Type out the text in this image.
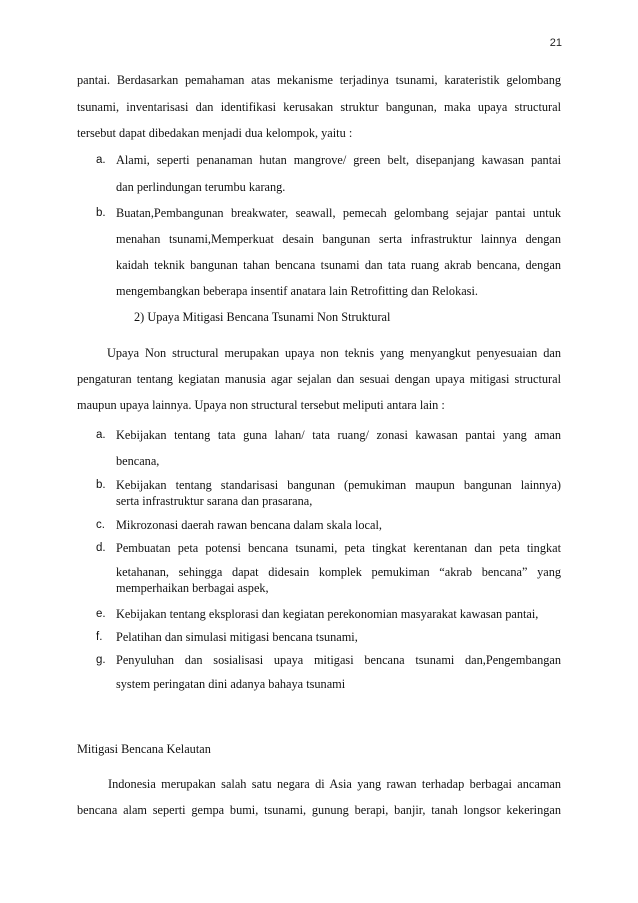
21
pantai. Berdasarkan pemahaman atas mekanisme terjadinya tsunami, karateristik gelombang
tsunami, inventarisasi dan identifikasi kerusakan struktur bangunan, maka upaya structural
tersebut dapat dibedakan menjadi dua kelompok, yaitu :
a. Alami, seperti penanaman hutan mangrove/ green belt, disepanjang kawasan pantai
dan perlindungan terumbu karang.
b. Buatan,Pembangunan breakwater, seawall, pemecah gelombang sejajar pantai untuk
menahan tsunami,Memperkuat desain bangunan serta infrastruktur lainnya dengan
kaidah teknik bangunan tahan bencana tsunami dan tata ruang akrab bencana, dengan
mengembangkan beberapa insentif anatara lain Retrofitting dan Relokasi.
2) Upaya Mitigasi Bencana Tsunami Non Struktural
Upaya Non structural merupakan upaya non teknis yang menyangkut penyesuaian dan
pengaturan tentang kegiatan manusia agar sejalan dan sesuai dengan upaya mitigasi structural
maupun upaya lainnya. Upaya non structural tersebut meliputi antara lain :
a. Kebijakan tentang tata guna lahan/ tata ruang/ zonasi kawasan pantai yang aman
bencana,
b. Kebijakan tentang standarisasi bangunan (pemukiman maupun bangunan lainnya)
serta infrastruktur sarana dan prasarana,
c. Mikrozonasi daerah rawan bencana dalam skala local,
d. Pembuatan peta potensi bencana tsunami, peta tingkat kerentanan dan peta tingkat
ketahanan, sehingga dapat didesain komplek pemukiman “akrab bencana” yang
memperhaikan berbagai aspek,
e. Kebijakan tentang eksplorasi dan kegiatan perekonomian masyarakat kawasan pantai,
f. Pelatihan dan simulasi mitigasi bencana tsunami,
g. Penyuluhan dan sosialisasi upaya mitigasi bencana tsunami dan,Pengembangan
system peringatan dini adanya bahaya tsunami
Mitigasi Bencana Kelautan
Indonesia merupakan salah satu negara di Asia yang rawan terhadap berbagai ancaman
bencana alam seperti gempa bumi, tsunami, gunung berapi, banjir, tanah longsor kekeringan
